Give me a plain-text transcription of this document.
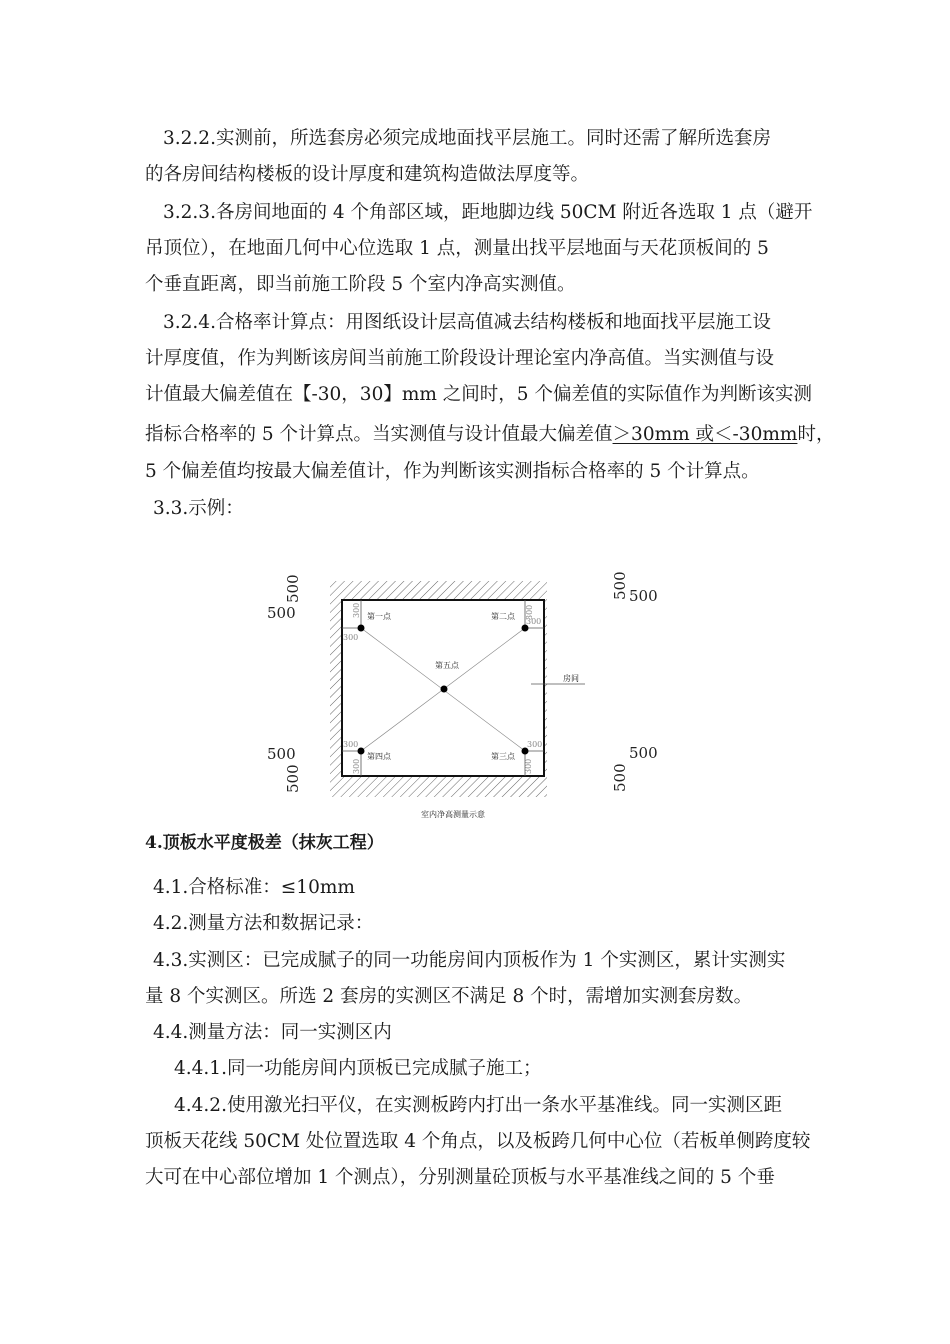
3.2.2.实测前，所选套房必须完成地面找平层施工。同时还需了解所选套房
的各房间结构楼板的设计厚度和建筑构造做法厚度等。
3.2.3.各房间地面的 4 个角部区域，距地脚边线 50CM 附近各选取 1 点（避开
吊顶位），在地面几何中心位选取 1 点，测量出找平层地面与天花顶板间的 5
个垂直距离，即当前施工阶段 5 个室内净高实测值。
3.2.4.合格率计算点：用图纸设计层高值减去结构楼板和地面找平层施工设
计厚度值，作为判断该房间当前施工阶段设计理论室内净高值。当实测值与设
计值最大偏差值在【-30，30】mm 之间时，5 个偏差值的实际值作为判断该实测
指标合格率的 5 个计算点。当实测值与设计值最大偏差值＞30mm 或＜-30mm时，
5 个偏差值均按最大偏差值计，作为判断该实测指标合格率的 5 个计算点。
3.3.示例：
第一点	第二点
第三点
第四点
第五点
房间
300
300
300	300
300	300
300	300
500
500	500
500
500
500
500
500
室内净高测量示意
4.顶板水平度极差（抹灰工程）
4.1.合格标准：≤10mm
4.2.测量方法和数据记录：
4.3.实测区：已完成腻子的同一功能房间内顶板作为 1 个实测区，累计实测实
量 8 个实测区。所选 2 套房的实测区不满足 8 个时，需增加实测套房数。
4.4.测量方法：同一实测区内
4.4.1.同一功能房间内顶板已完成腻子施工；
4.4.2.使用激光扫平仪，在实测板跨内打出一条水平基准线。同一实测区距
顶板天花线 50CM 处位置选取 4 个角点，以及板跨几何中心位（若板单侧跨度较
大可在中心部位增加 1 个测点），分别测量砼顶板与水平基准线之间的 5 个垂
